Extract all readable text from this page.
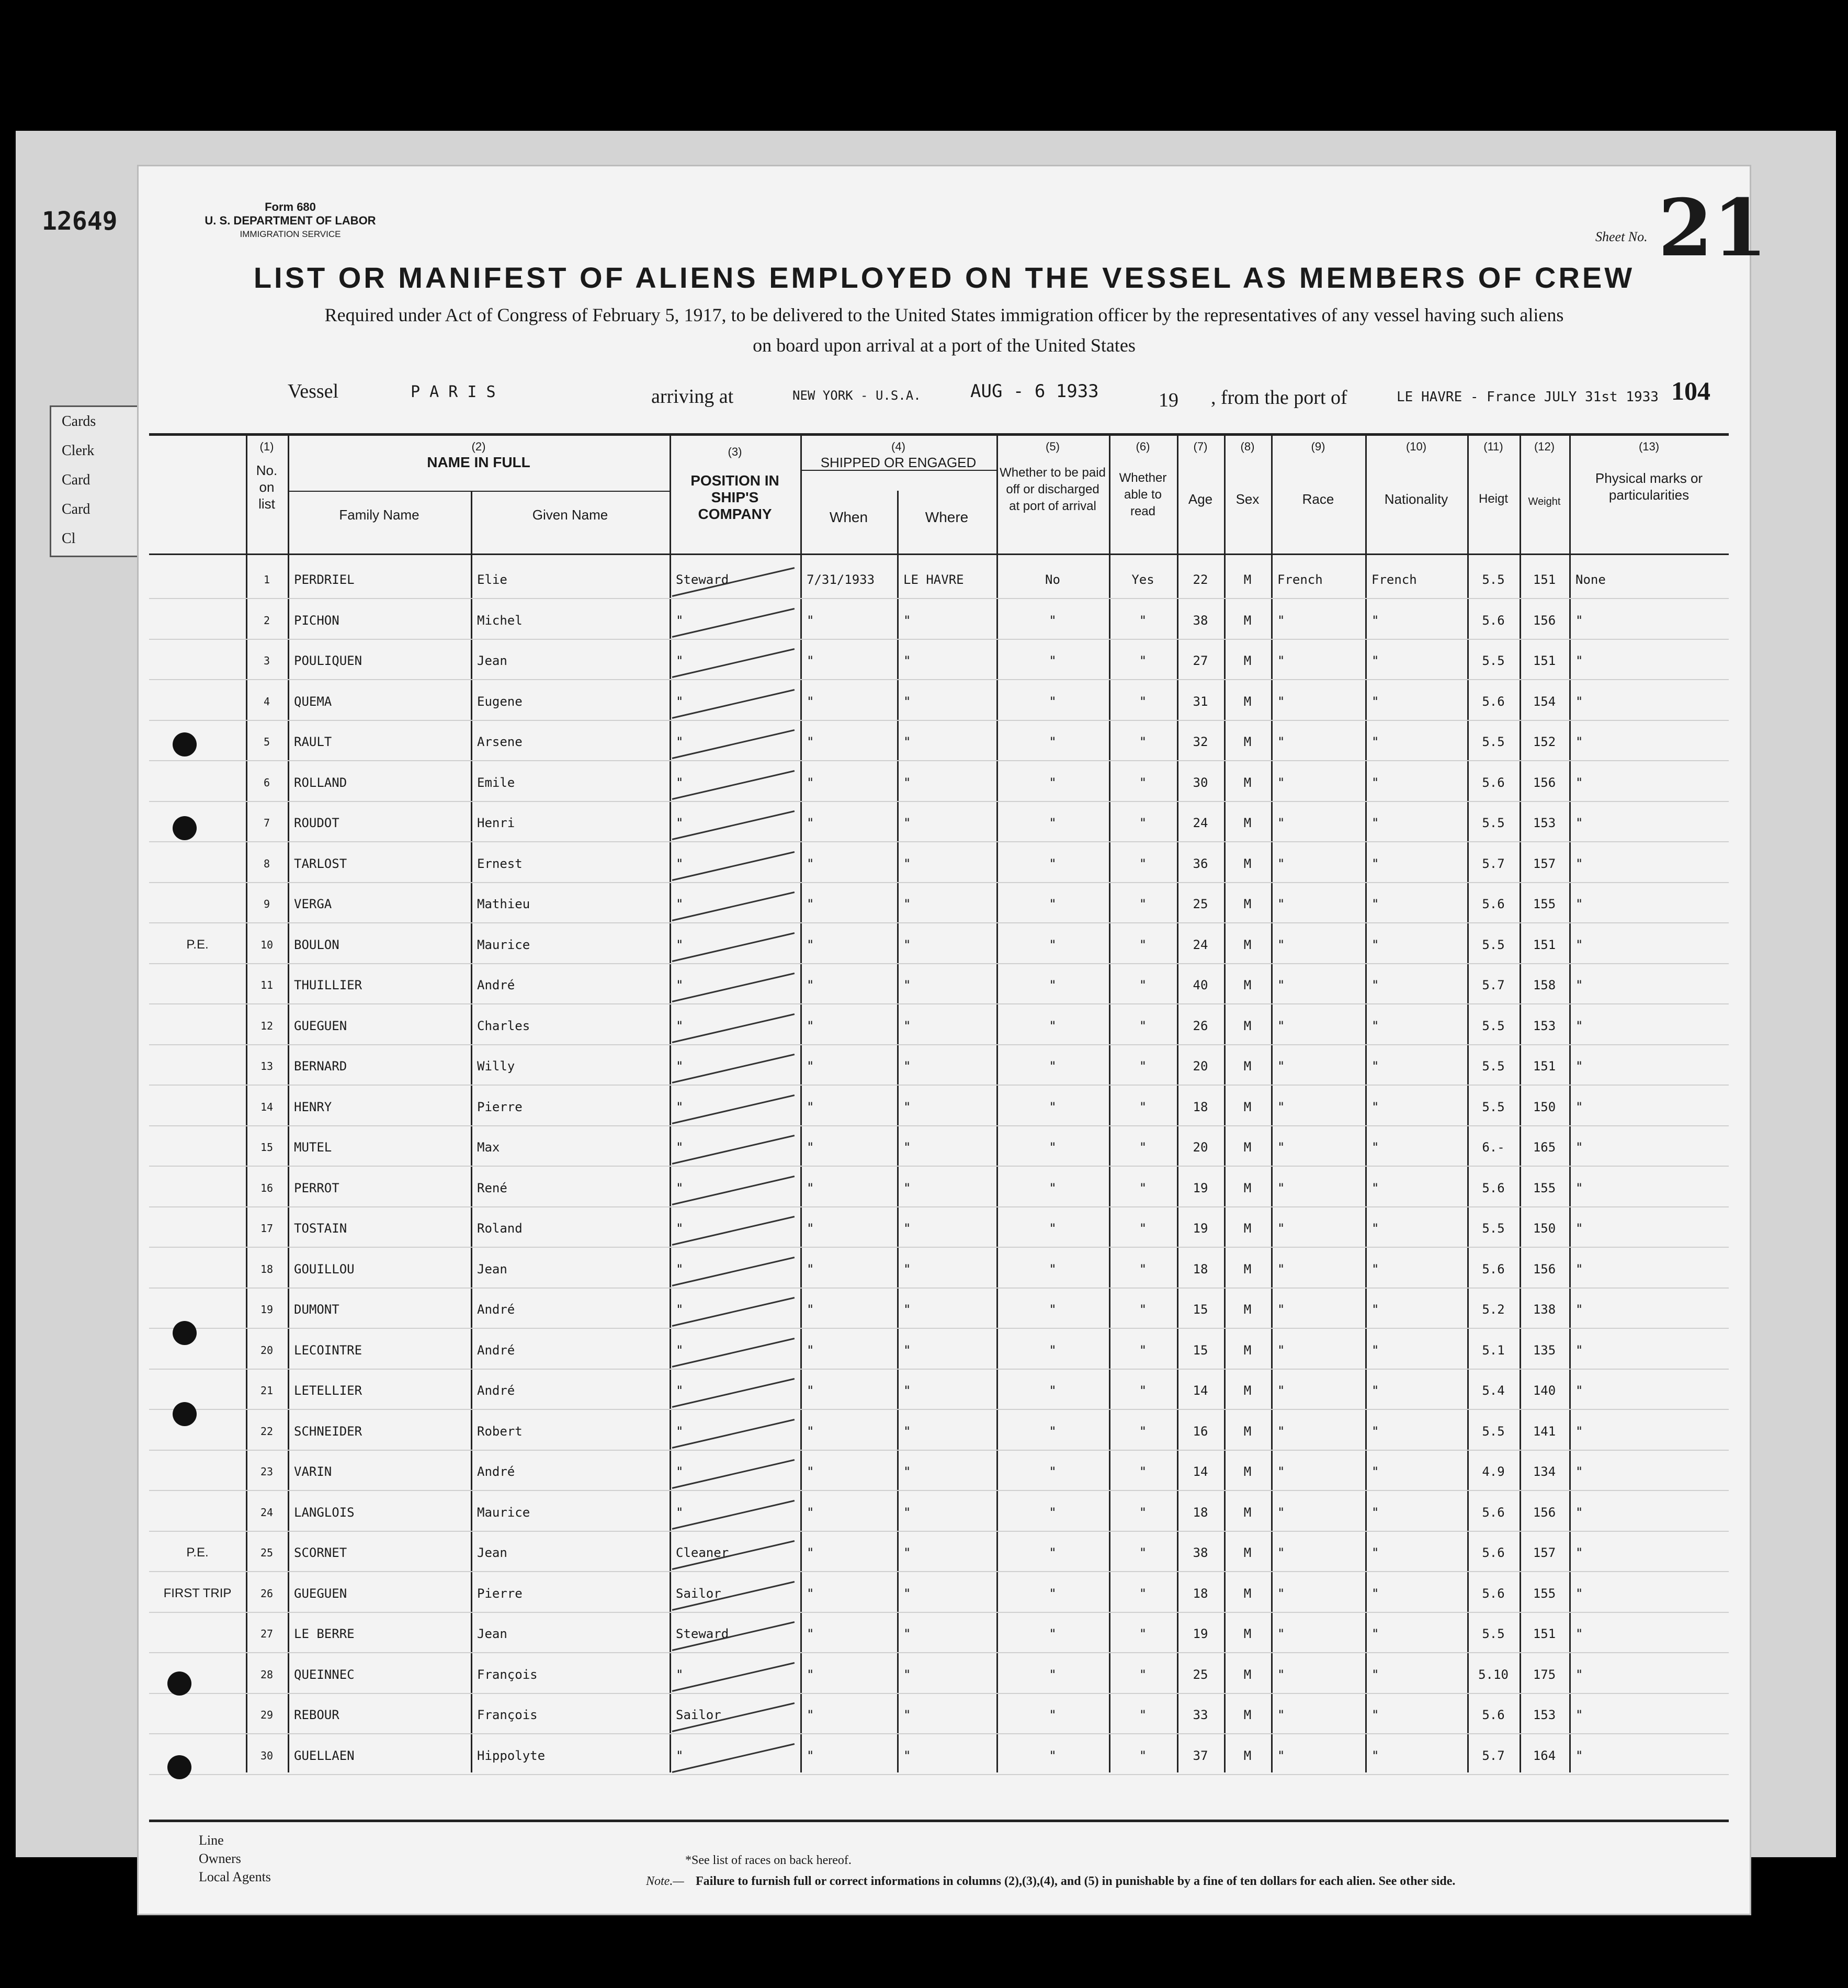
12649
Cards
Clerk
Card
Card
Cl
Form 680
U. S. DEPARTMENT OF LABOR
IMMIGRATION SERVICE	Sheet No. 21
LIST OR MANIFEST OF ALIENS EMPLOYED ON THE VESSEL AS MEMBERS OF CREW
Required under Act of Congress of February 5, 1917, to be delivered to the United States immigration officer by the representatives of any vessel having such aliens
on board upon arrival at a port of the United States
Vessel	P A R I S	arriving at	NEW YORK - U.S.A.	AUG - 6 1933	19 , from the port of	LE HAVRE - France JULY 31st 1933 104
(1)
No. on list
(2)
NAME IN FULL
Family Name	Given Name
(3)
POSITION IN SHIP'S COMPANY
(4)
SHIPPED OR ENGAGED
When	Where
(5)
Whether to be paid off or discharged at port of arrival
(6)
Whether able to read
(7)
Age
(8)
Sex
(9)
Race
(10)
Nationality
(11)
Heigt
(12)
Weight
(13)
Physical marks or particularities
1	PERDRIEL	Elie	Steward	7/31/1933	LE HAVRE	No	Yes	22	M	French	French	5.5	151	None
2	PICHON	Michel	"	"	"	"	"	38	M	"	"	5.6	156	"
3	POULIQUEN	Jean	"	"	"	"	"	27	M	"	"	5.5	151	"
4	QUEMA	Eugene	"	"	"	"	"	31	M	"	"	5.6	154	"
5	RAULT	Arsene	"	"	"	"	"	32	M	"	"	5.5	152	"
6	ROLLAND	Emile	"	"	"	"	"	30	M	"	"	5.6	156	"
7	ROUDOT	Henri	"	"	"	"	"	24	M	"	"	5.5	153	"
8	TARLOST	Ernest	"	"	"	"	"	36	M	"	"	5.7	157	"
9	VERGA	Mathieu	"	"	"	"	"	25	M	"	"	5.6	155	"
P.E.	10	BOULON	Maurice	"	"	"	"	"	24	M	"	"	5.5	151	"
11	THUILLIER	André	"	"	"	"	"	40	M	"	"	5.7	158	"
12	GUEGUEN	Charles	"	"	"	"	"	26	M	"	"	5.5	153	"
13	BERNARD	Willy	"	"	"	"	"	20	M	"	"	5.5	151	"
14	HENRY	Pierre	"	"	"	"	"	18	M	"	"	5.5	150	"
15	MUTEL	Max	"	"	"	"	"	20	M	"	"	6.-	165	"
16	PERROT	René	"	"	"	"	"	19	M	"	"	5.6	155	"
17	TOSTAIN	Roland	"	"	"	"	"	19	M	"	"	5.5	150	"
18	GOUILLOU	Jean	"	"	"	"	"	18	M	"	"	5.6	156	"
19	DUMONT	André	"	"	"	"	"	15	M	"	"	5.2	138	"
20	LECOINTRE	André	"	"	"	"	"	15	M	"	"	5.1	135	"
21	LETELLIER	André	"	"	"	"	"	14	M	"	"	5.4	140	"
22	SCHNEIDER	Robert	"	"	"	"	"	16	M	"	"	5.5	141	"
23	VARIN	André	"	"	"	"	"	14	M	"	"	4.9	134	"
24	LANGLOIS	Maurice	"	"	"	"	"	18	M	"	"	5.6	156	"
P.E.	25	SCORNET	Jean	Cleaner	"	"	"	"	38	M	"	"	5.6	157	"
FIRST TRIP	26	GUEGUEN	Pierre	Sailor	"	"	"	"	18	M	"	"	5.6	155	"
27	LE BERRE	Jean	Steward	"	"	"	"	19	M	"	"	5.5	151	"
28	QUEINNEC	François	"	"	"	"	"	25	M	"	"	5.10	175	"
29	REBOUR	François	Sailor	"	"	"	"	33	M	"	"	5.6	153	"
30	GUELLAEN	Hippolyte	"	"	"	"	"	37	M	"	"	5.7	164	"
Line
Owners
Local Agents
*See list of races on back hereof.
Note.— Failure to furnish full or correct informations in columns (2),(3),(4), and (5) in punishable by a fine of ten dollars for each alien. See other side.
